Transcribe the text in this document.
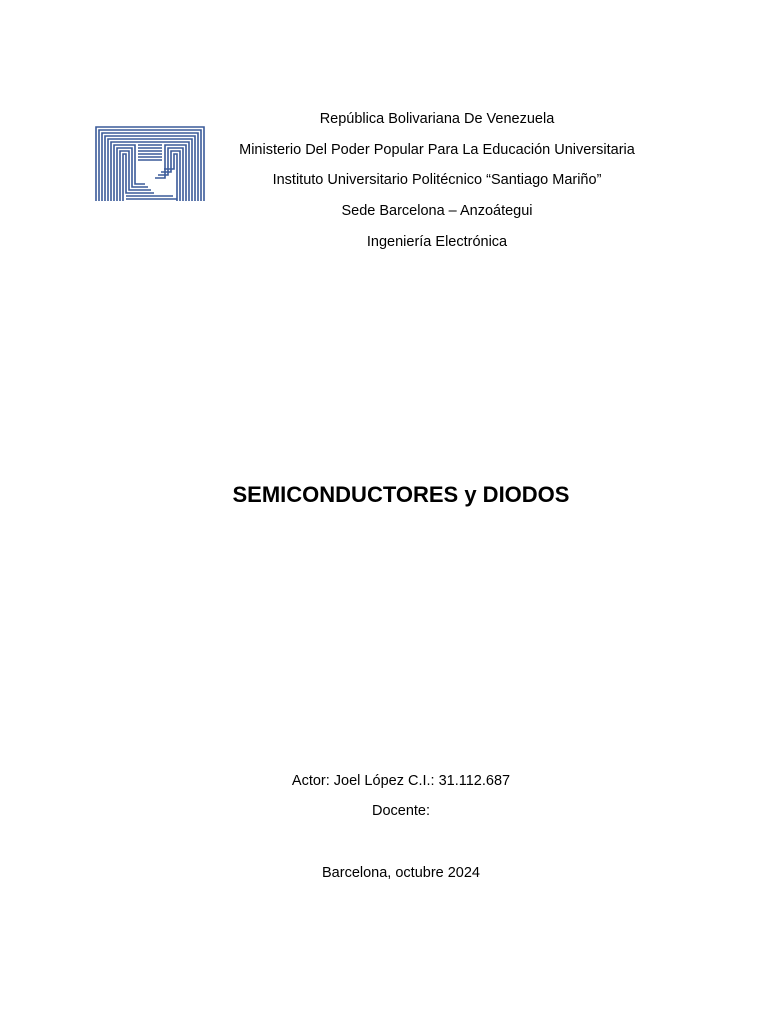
República Bolivariana De Venezuela
Ministerio Del Poder Popular Para La Educación Universitaria
Instituto Universitario Politécnico “Santiago Mariño”
Sede Barcelona – Anzoátegui
Ingeniería Electrónica
SEMICONDUCTORES y DIODOS
Actor: Joel López C.I.: 31.112.687
Docente:
Barcelona, octubre 2024
